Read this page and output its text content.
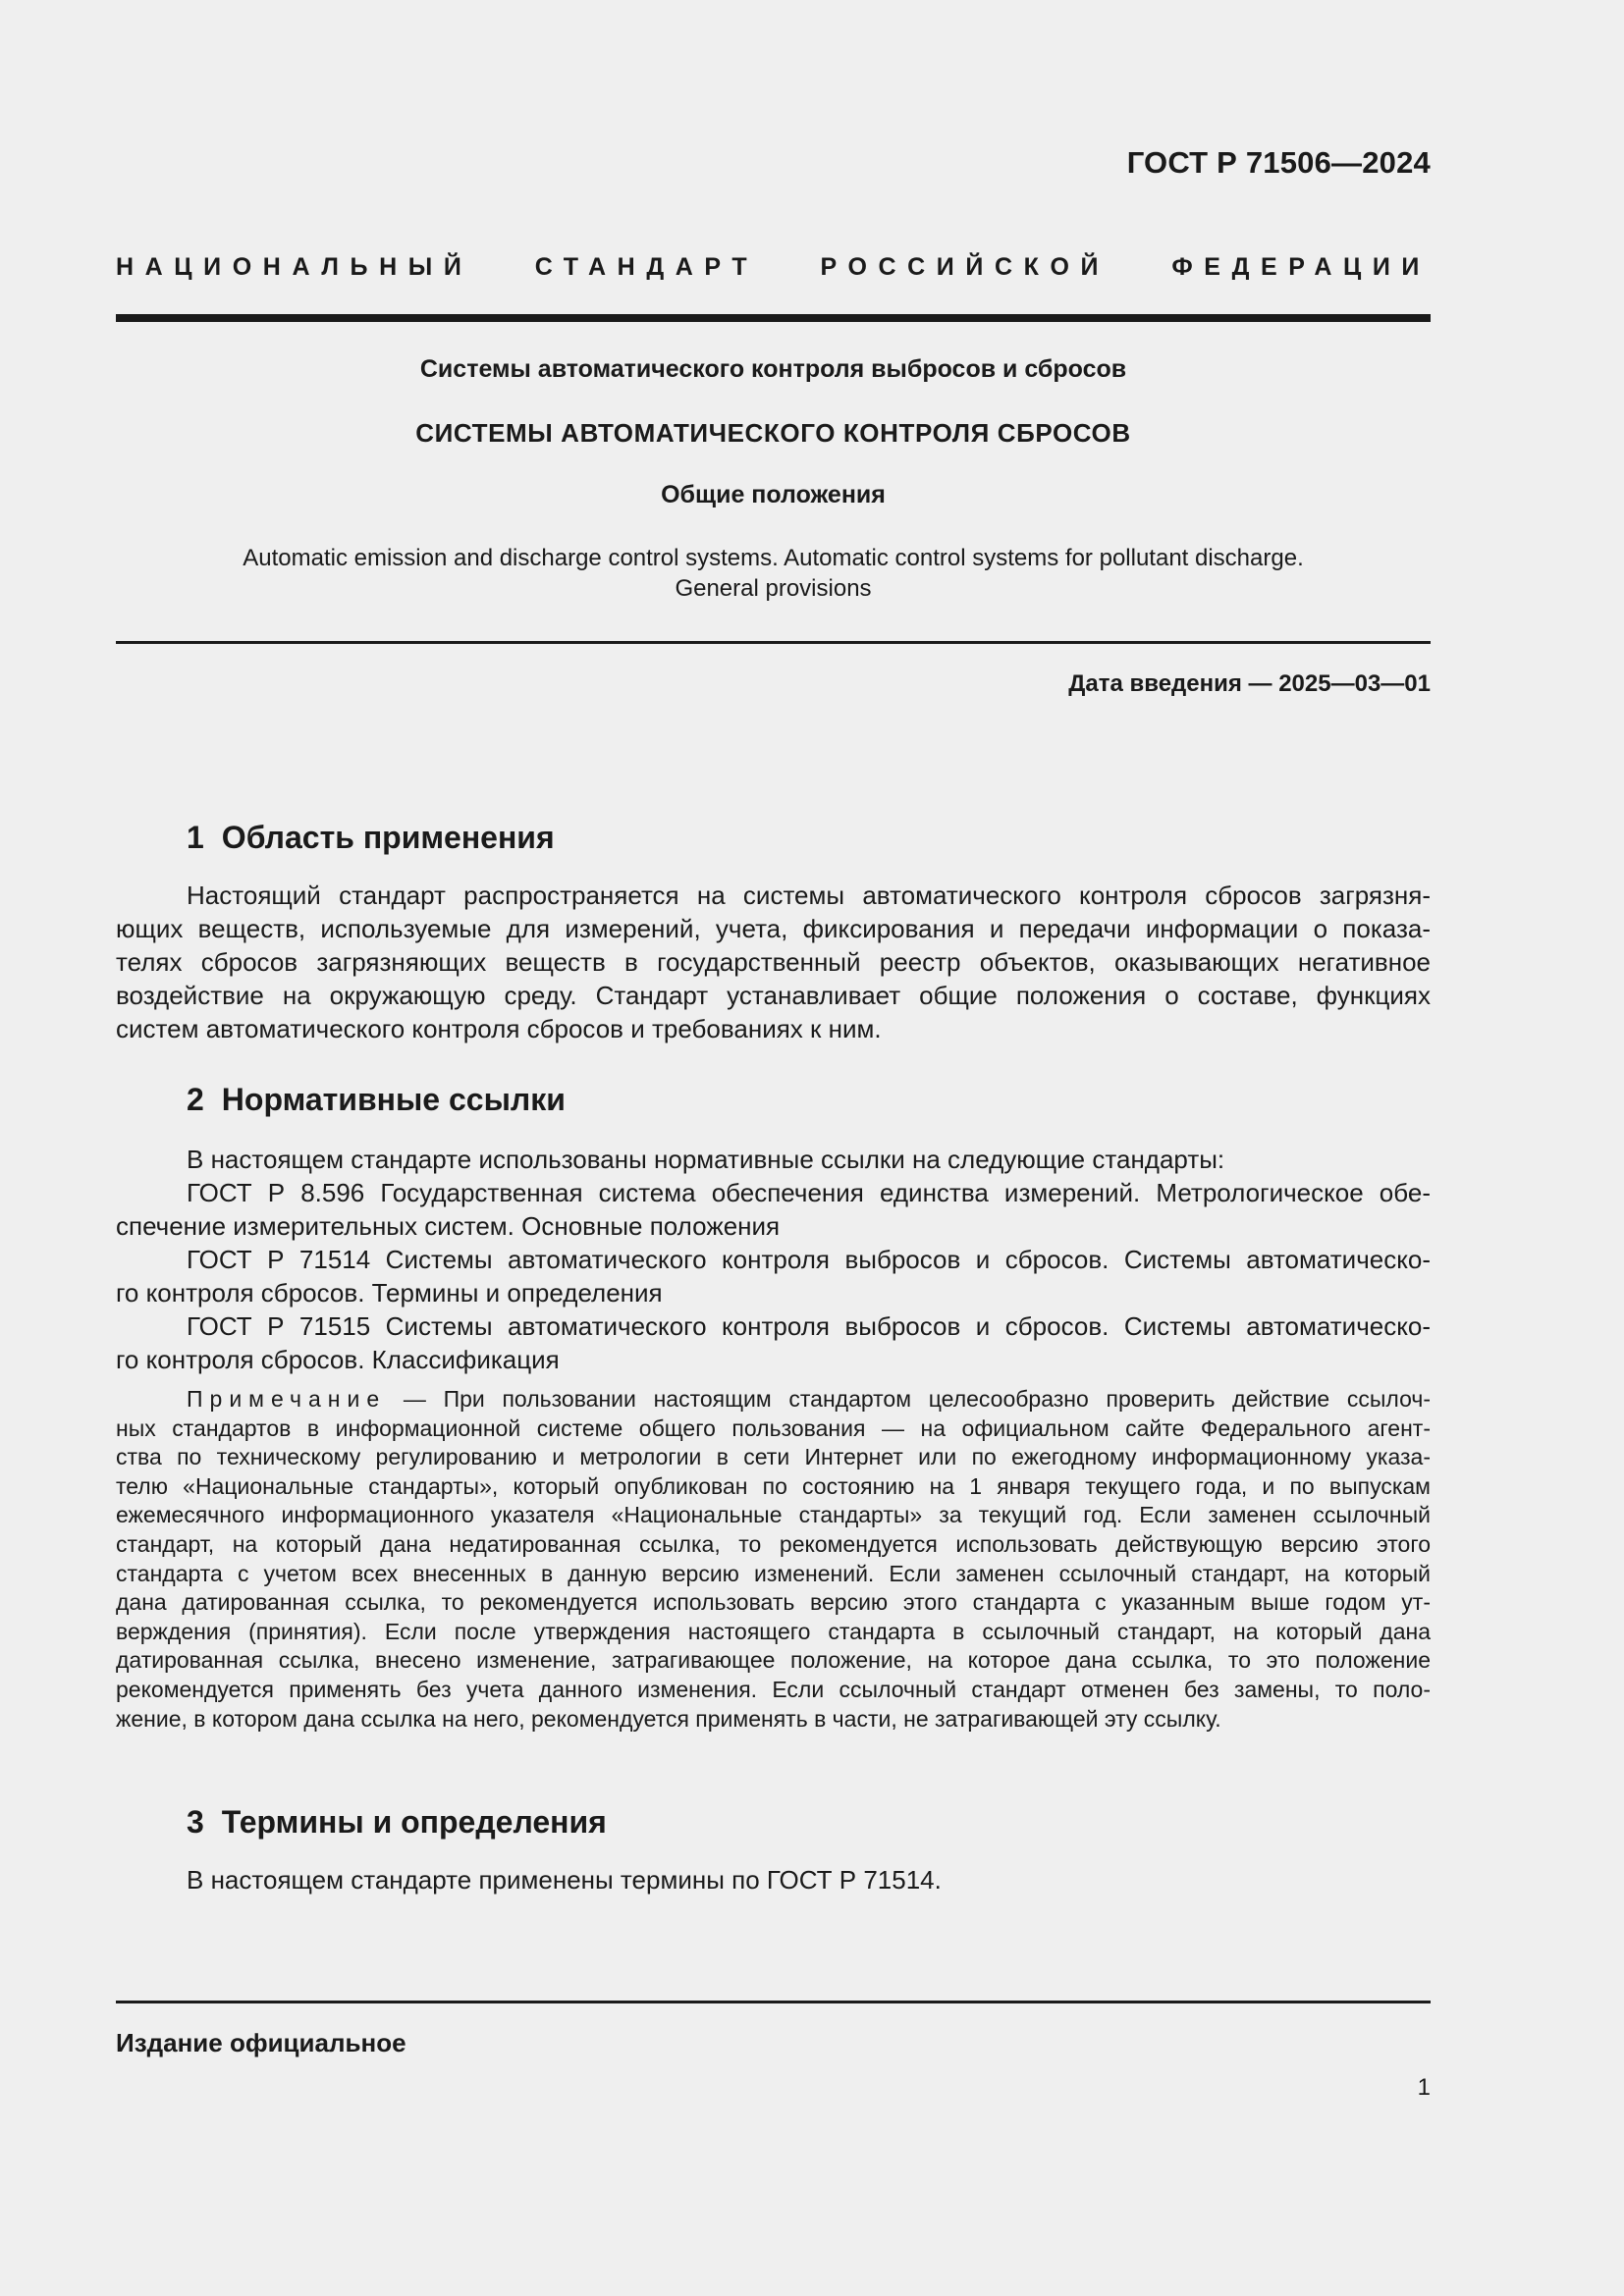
ГОСТ Р 71506—2024
НАЦИОНАЛЬНЫЙ СТАНДАРТ РОССИЙСКОЙ ФЕДЕРАЦИИ
Системы автоматического контроля выбросов и сбросов
СИСТЕМЫ АВТОМАТИЧЕСКОГО КОНТРОЛЯ СБРОСОВ
Общие положения
Automatic emission and discharge control systems. Automatic control systems for pollutant discharge.
General provisions
Дата введения — 2025—03—01
1 Область применения
Настоящий стандарт распространяется на системы автоматического контроля сбросов загрязня-
ющих веществ, используемые для измерений, учета, фиксирования и передачи информации о показа-
телях сбросов загрязняющих веществ в государственный реестр объектов, оказывающих негативное
воздействие на окружающую среду. Стандарт устанавливает общие положения о составе, функциях
систем автоматического контроля сбросов и требованиях к ним.
2 Нормативные ссылки
В настоящем стандарте использованы нормативные ссылки на следующие стандарты:
ГОСТ Р 8.596 Государственная система обеспечения единства измерений. Метрологическое обе-
спечение измерительных систем. Основные положения
ГОСТ Р 71514 Системы автоматического контроля выбросов и сбросов. Системы автоматическо-
го контроля сбросов. Термины и определения
ГОСТ Р 71515 Системы автоматического контроля выбросов и сбросов. Системы автоматическо-
го контроля сбросов. Классификация
Примечание — При пользовании настоящим стандартом целесообразно проверить действие ссылоч-
ных стандартов в информационной системе общего пользования — на официальном сайте Федерального агент-
ства по техническому регулированию и метрологии в сети Интернет или по ежегодному информационному указа-
телю «Национальные стандарты», который опубликован по состоянию на 1 января текущего года, и по выпускам
ежемесячного информационного указателя «Национальные стандарты» за текущий год. Если заменен ссылочный
стандарт, на который дана недатированная ссылка, то рекомендуется использовать действующую версию этого
стандарта с учетом всех внесенных в данную версию изменений. Если заменен ссылочный стандарт, на который
дана датированная ссылка, то рекомендуется использовать версию этого стандарта с указанным выше годом ут-
верждения (принятия). Если после утверждения настоящего стандарта в ссылочный стандарт, на который дана
датированная ссылка, внесено изменение, затрагивающее положение, на которое дана ссылка, то это положение
рекомендуется применять без учета данного изменения. Если ссылочный стандарт отменен без замены, то поло-
жение, в котором дана ссылка на него, рекомендуется применять в части, не затрагивающей эту ссылку.
3 Термины и определения
В настоящем стандарте применены термины по ГОСТ Р 71514.
Издание официальное
1
